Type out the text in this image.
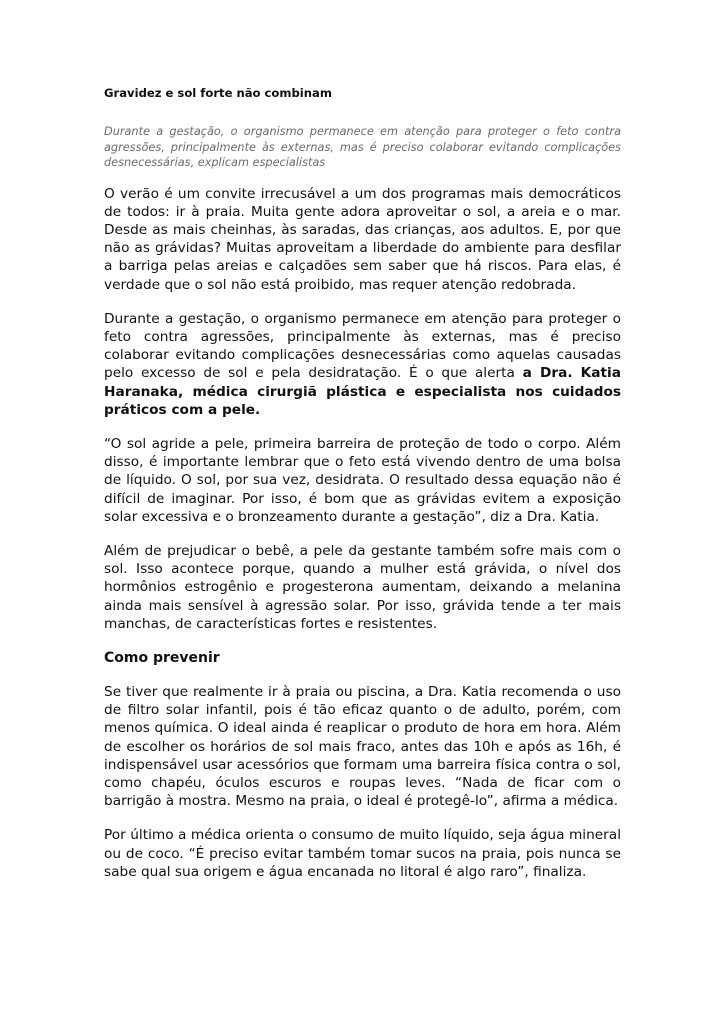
Gravidez e sol forte não combinam

Durante a gestação, o organismo permanece em atenção para proteger o feto contra agressões, principalmente às externas, mas é preciso colaborar evitando complicações desnecessárias, explicam especialistas

O verão é um convite irrecusável a um dos programas mais democráticos de todos: ir à praia. Muita gente adora aproveitar o sol, a areia e o mar. Desde as mais cheinhas, às saradas, das crianças, aos adultos. E, por que não as grávidas? Muitas aproveitam a liberdade do ambiente para desfilar a barriga pelas areias e calçadões sem saber que há riscos. Para elas, é verdade que o sol não está proibido, mas requer atenção redobrada.

Durante a gestação, o organismo permanece em atenção para proteger o feto contra agressões, principalmente às externas, mas é preciso colaborar evitando complicações desnecessárias como aquelas causadas pelo excesso de sol e pela desidratação. É o que alerta a Dra. Katia Haranaka, médica cirurgiã plástica e especialista nos cuidados práticos com a pele.

“O sol agride a pele, primeira barreira de proteção de todo o corpo. Além disso, é importante lembrar que o feto está vivendo dentro de uma bolsa de líquido. O sol, por sua vez, desidrata. O resultado dessa equação não é difícil de imaginar. Por isso, é bom que as grávidas evitem a exposição solar excessiva e o bronzeamento durante a gestação”, diz a Dra. Katia.

Além de prejudicar o bebê, a pele da gestante também sofre mais com o sol. Isso acontece porque, quando a mulher está grávida, o nível dos hormônios estrogênio e progesterona aumentam, deixando a melanina ainda mais sensível à agressão solar. Por isso, grávida tende a ter mais manchas, de características fortes e resistentes.

Como prevenir

Se tiver que realmente ir à praia ou piscina, a Dra. Katia recomenda o uso de filtro solar infantil, pois é tão eficaz quanto o de adulto, porém, com menos química. O ideal ainda é reaplicar o produto de hora em hora. Além de escolher os horários de sol mais fraco, antes das 10h e após as 16h, é indispensável usar acessórios que formam uma barreira física contra o sol, como chapéu, óculos escuros e roupas leves. “Nada de ficar com o barrigão à mostra. Mesmo na praia, o ideal é protegê-lo”, afirma a médica.

Por último a médica orienta o consumo de muito líquido, seja água mineral ou de coco. “É preciso evitar também tomar sucos na praia, pois nunca se sabe qual sua origem e água encanada no litoral é algo raro”, finaliza.
